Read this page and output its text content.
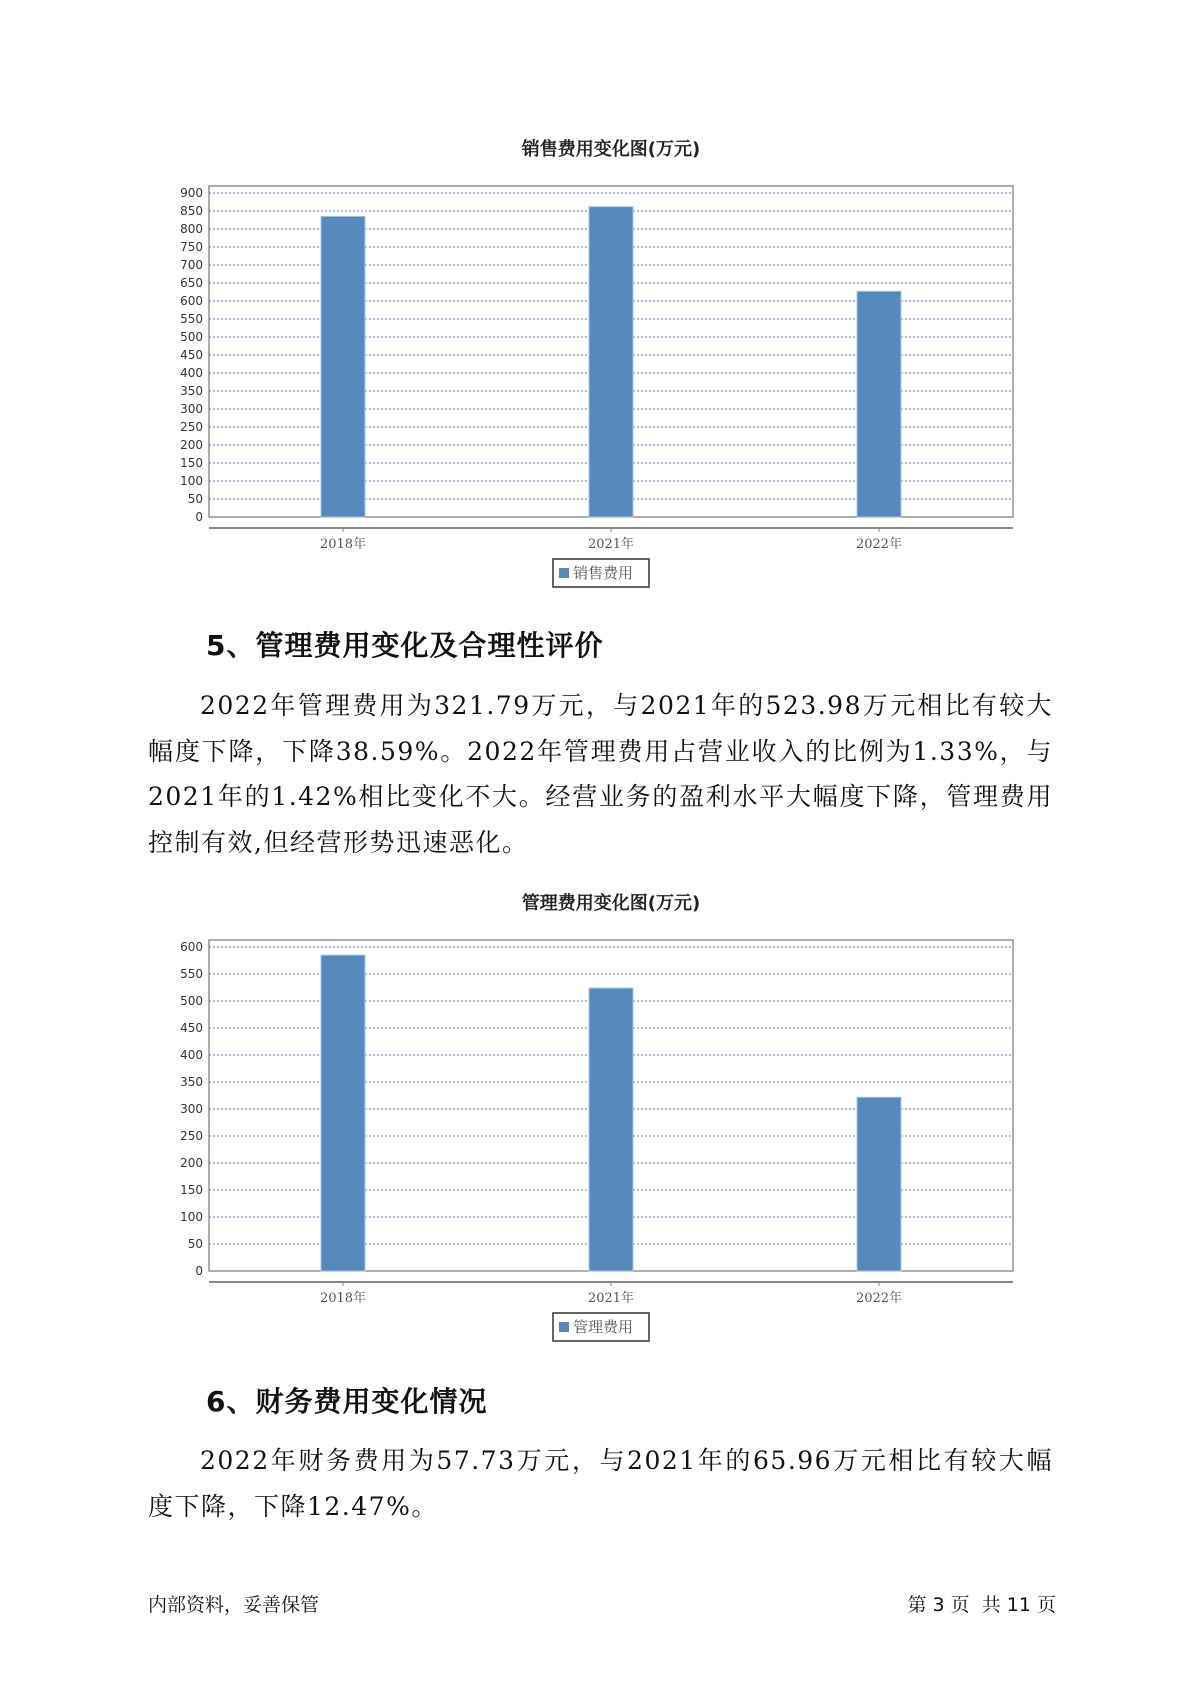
销售费用变化图(万元)
0
50
100
150
200
250
300
350
400
450
500
550
600
650
700
750
800
850
900
2018年	2021年	2022年
销售费用
5、管理费用变化及合理性评价

2022年管理费用为321.79万元，与2021年的523.98万元相比有较大幅度下降，下降38.59%。2022年管理费用占营业收入的比例为1.33%，与2021年的1.42%相比变化不大。经营业务的盈利水平大幅度下降，管理费用控制有效,但经营形势迅速恶化。

管理费用变化图(万元)
0
50
100
150
200
250
300
350
400
450
500
550
600
2018年	2021年	2022年
管理费用
6、财务费用变化情况

2022年财务费用为57.73万元，与2021年的65.96万元相比有较大幅度下降，下降12.47%。

内部资料，妥善保管	第 3 页  共 11 页
